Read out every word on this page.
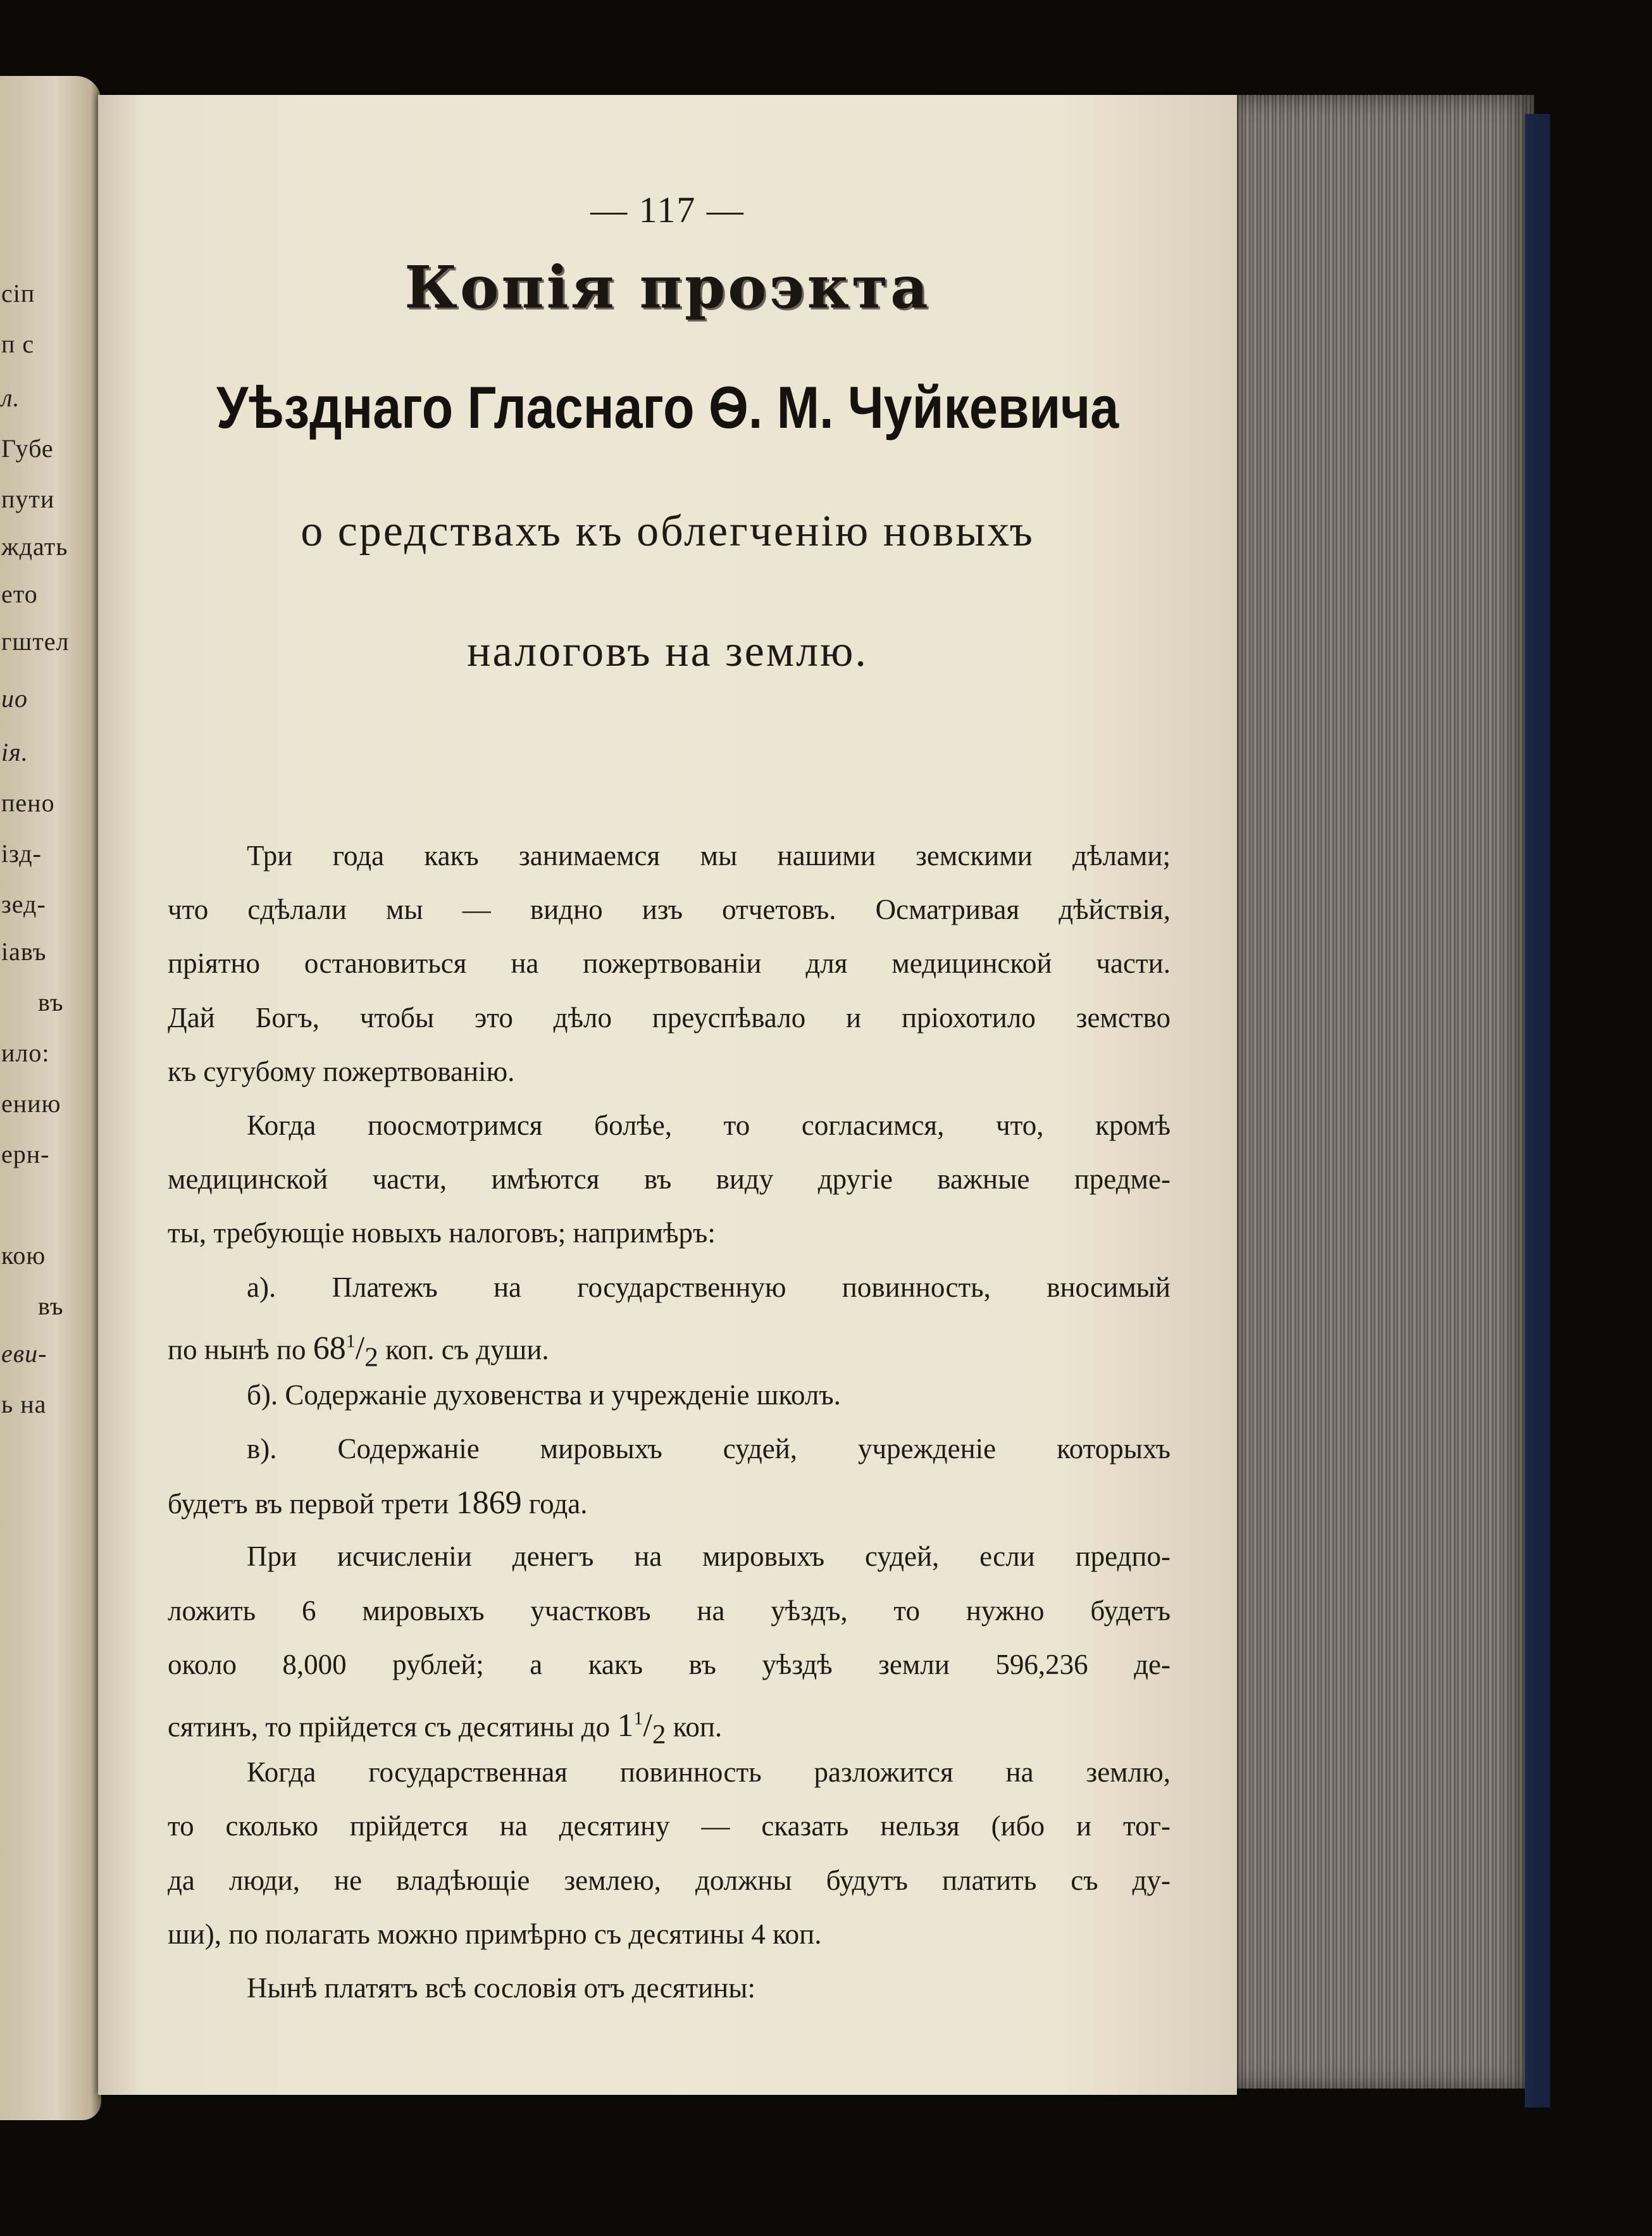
сіп
п с
л.
Губе
пути
ждать
ето
гштел
ио
ія.
пено
ізд-
зед-
іавъ
въ
ило:
ению
ерн-
кою
въ
еви-
ь на
— 117 —
Копія проэкта
Уѣзднаго Гласнаго Ѳ. М. Чуйкевича
о средствахъ къ облегченію новыхъ
налоговъ на землю.
Три года какъ занимаемся мы нашими земскими дѣлами;
что сдѣлали мы — видно изъ отчетовъ. Осматривая дѣйствія,
пріятно остановиться на пожертвованіи для медицинской части.
Дай Богъ, чтобы это дѣло преуспѣвало и пріохотило земство
къ сугубому пожертвованію.
Когда поосмотримся болѣе, то согласимся, что, кромѣ
медицинской части, имѣются въ виду другіе важные предме-
ты, требующіе новыхъ налоговъ; напримѣръ:
а). Платежъ на государственную повинность, вносимый
по нынѣ по $68^1/_2$ коп. съ души.
б). Содержаніе духовенства и учрежденіе школъ.
в). Содержаніе мировыхъ судей, учрежденіе которыхъ
будетъ въ первой трети 1869 года.
При исчисленіи денегъ на мировыхъ судей, если предпо-
ложить 6 мировыхъ участковъ на уѣздъ, то нужно будетъ
около 8,000 рублей; а какъ въ уѣздѣ земли 596,236 де-
сятинъ, то прійдется съ десятины до $1^1/_2$ коп.
Когда государственная повинность разложится на землю,
то сколько прійдется на десятину — сказать нельзя (ибо и тог-
да люди, не владѣющіе землею, должны будутъ платить съ ду-
ши), по полагать можно примѣрно съ десятины 4 коп.
Нынѣ платятъ всѣ сословія отъ десятины:
